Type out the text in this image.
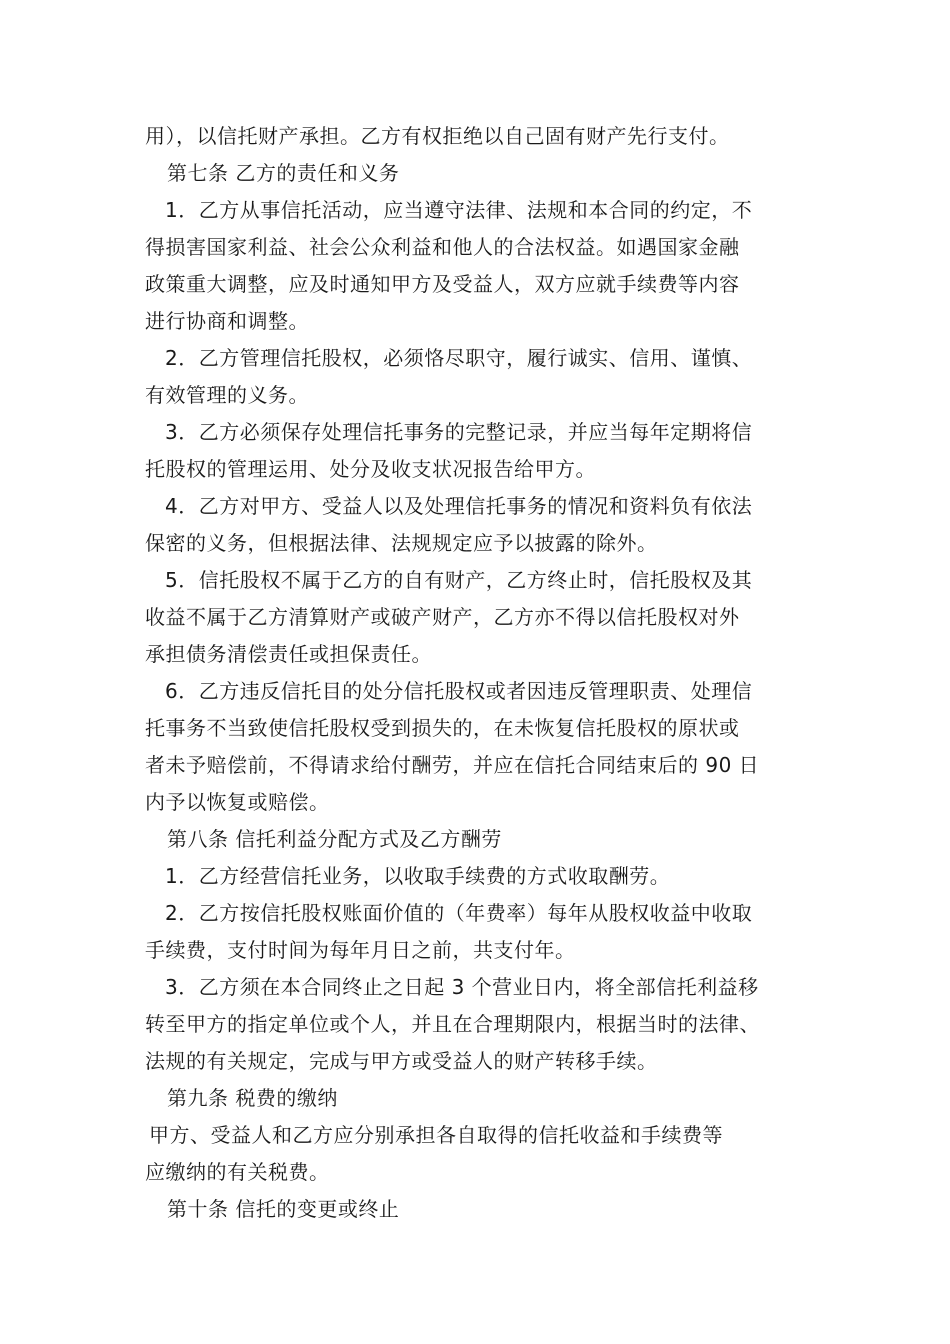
用），以信托财产承担。乙方有权拒绝以自己固有财产先行支付。
第七条 乙方的责任和义务
1．乙方从事信托活动，应当遵守法律、法规和本合同的约定，不
得损害国家利益、社会公众利益和他人的合法权益。如遇国家金融
政策重大调整，应及时通知甲方及受益人，双方应就手续费等内容
进行协商和调整。
2．乙方管理信托股权，必须恪尽职守，履行诚实、信用、谨慎、
有效管理的义务。
3．乙方必须保存处理信托事务的完整记录，并应当每年定期将信
托股权的管理运用、处分及收支状况报告给甲方。
4．乙方对甲方、受益人以及处理信托事务的情况和资料负有依法
保密的义务，但根据法律、法规规定应予以披露的除外。
5．信托股权不属于乙方的自有财产，乙方终止时，信托股权及其
收益不属于乙方清算财产或破产财产，乙方亦不得以信托股权对外
承担债务清偿责任或担保责任。
6．乙方违反信托目的处分信托股权或者因违反管理职责、处理信
托事务不当致使信托股权受到损失的，在未恢复信托股权的原状或
者未予赔偿前，不得请求给付酬劳，并应在信托合同结束后的 90 日
内予以恢复或赔偿。
第八条 信托利益分配方式及乙方酬劳
1．乙方经营信托业务，以收取手续费的方式收取酬劳。
2．乙方按信托股权账面价值的（年费率）每年从股权收益中收取
手续费，支付时间为每年月日之前，共支付年。
3．乙方须在本合同终止之日起 3 个营业日内，将全部信托利益移
转至甲方的指定单位或个人，并且在合理期限内，根据当时的法律、
法规的有关规定，完成与甲方或受益人的财产转移手续。
第九条 税费的缴纳
甲方、受益人和乙方应分别承担各自取得的信托收益和手续费等
应缴纳的有关税费。
第十条 信托的变更或终止
